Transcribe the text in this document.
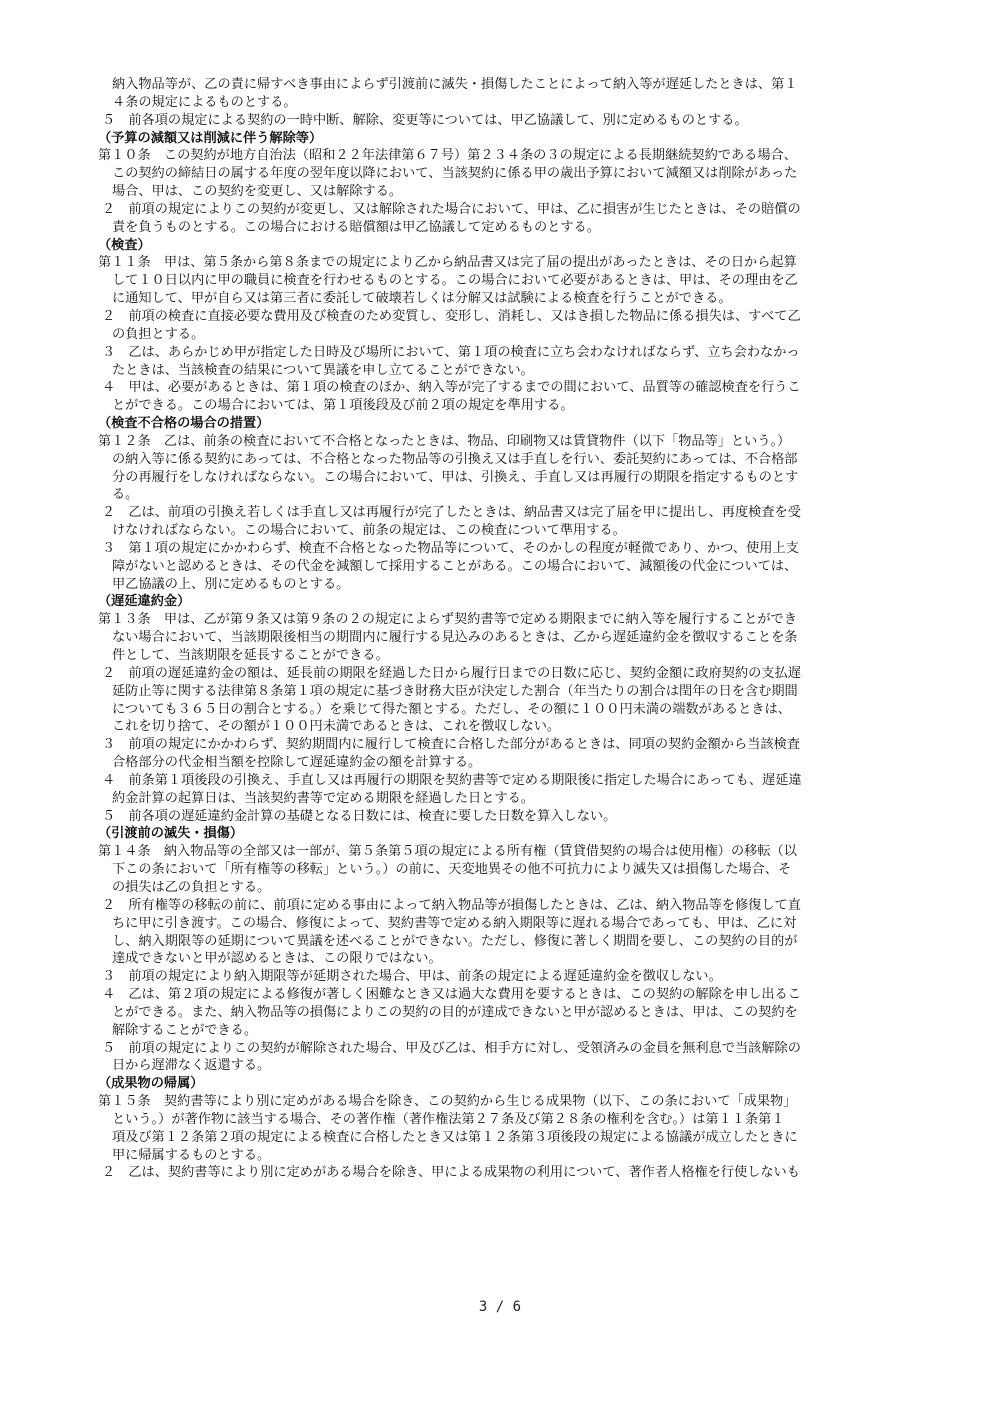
納入物品等が、乙の責に帰すべき事由によらず引渡前に滅失・損傷したことによって納入等が遅延したときは、第１
４条の規定によるものとする。
５　前各項の規定による契約の一時中断、解除、変更等については、甲乙協議して、別に定めるものとする。
（予算の減額又は削減に伴う解除等）
第１０条　この契約が地方自治法（昭和２２年法律第６７号）第２３４条の３の規定による長期継続契約である場合、
この契約の締結日の属する年度の翌年度以降において、当該契約に係る甲の歳出予算において減額又は削除があった
場合、甲は、この契約を変更し、又は解除する。
２　前項の規定によりこの契約が変更し、又は解除された場合において、甲は、乙に損害が生じたときは、その賠償の
責を負うものとする。この場合における賠償額は甲乙協議して定めるものとする。
（検査）
第１１条　甲は、第５条から第８条までの規定により乙から納品書又は完了届の提出があったときは、その日から起算
して１０日以内に甲の職員に検査を行わせるものとする。この場合において必要があるときは、甲は、その理由を乙
に通知して、甲が自ら又は第三者に委託して破壊若しくは分解又は試験による検査を行うことができる。
２　前項の検査に直接必要な費用及び検査のため変質し、変形し、消耗し、又はき損した物品に係る損失は、すべて乙
の負担とする。
３　乙は、あらかじめ甲が指定した日時及び場所において、第１項の検査に立ち会わなければならず、立ち会わなかっ
たときは、当該検査の結果について異議を申し立てることができない。
４　甲は、必要があるときは、第１項の検査のほか、納入等が完了するまでの間において、品質等の確認検査を行うこ
とができる。この場合においては、第１項後段及び前２項の規定を準用する。
（検査不合格の場合の措置）
第１２条　乙は、前条の検査において不合格となったときは、物品、印刷物又は賃貸物件（以下「物品等」という。）
の納入等に係る契約にあっては、不合格となった物品等の引換え又は手直しを行い、委託契約にあっては、不合格部
分の再履行をしなければならない。この場合において、甲は、引換え、手直し又は再履行の期限を指定するものとす
る。
２　乙は、前項の引換え若しくは手直し又は再履行が完了したときは、納品書又は完了届を甲に提出し、再度検査を受
けなければならない。この場合において、前条の規定は、この検査について準用する。
３　第１項の規定にかかわらず、検査不合格となった物品等について、そのかしの程度が軽微であり、かつ、使用上支
障がないと認めるときは、その代金を減額して採用することがある。この場合において、減額後の代金については、
甲乙協議の上、別に定めるものとする。
（遅延違約金）
第１３条　甲は、乙が第９条又は第９条の２の規定によらず契約書等で定める期限までに納入等を履行することができ
ない場合において、当該期限後相当の期間内に履行する見込みのあるときは、乙から遅延違約金を徴収することを条
件として、当該期限を延長することができる。
２　前項の遅延違約金の額は、延長前の期限を経過した日から履行日までの日数に応じ、契約金額に政府契約の支払遅
延防止等に関する法律第８条第１項の規定に基づき財務大臣が決定した割合（年当たりの割合は閏年の日を含む期間
についても３６５日の割合とする。）を乗じて得た額とする。ただし、その額に１００円未満の端数があるときは、
これを切り捨て、その額が１００円未満であるときは、これを徴収しない。
３　前項の規定にかかわらず、契約期間内に履行して検査に合格した部分があるときは、同項の契約金額から当該検査
合格部分の代金相当額を控除して遅延違約金の額を計算する。
４　前条第１項後段の引換え、手直し又は再履行の期限を契約書等で定める期限後に指定した場合にあっても、遅延違
約金計算の起算日は、当該契約書等で定める期限を経過した日とする。
５　前各項の遅延違約金計算の基礎となる日数には、検査に要した日数を算入しない。
（引渡前の滅失・損傷）
第１４条　納入物品等の全部又は一部が、第５条第５項の規定による所有権（賃貸借契約の場合は使用権）の移転（以
下この条において「所有権等の移転」という。）の前に、天変地異その他不可抗力により滅失又は損傷した場合、そ
の損失は乙の負担とする。
２　所有権等の移転の前に、前項に定める事由によって納入物品等が損傷したときは、乙は、納入物品等を修復して直
ちに甲に引き渡す。この場合、修復によって、契約書等で定める納入期限等に遅れる場合であっても、甲は、乙に対
し、納入期限等の延期について異議を述べることができない。ただし、修復に著しく期間を要し、この契約の目的が
達成できないと甲が認めるときは、この限りではない。
３　前項の規定により納入期限等が延期された場合、甲は、前条の規定による遅延違約金を徴収しない。
４　乙は、第２項の規定による修復が著しく困難なとき又は過大な費用を要するときは、この契約の解除を申し出るこ
とができる。また、納入物品等の損傷によりこの契約の目的が達成できないと甲が認めるときは、甲は、この契約を
解除することができる。
５　前項の規定によりこの契約が解除された場合、甲及び乙は、相手方に対し、受領済みの金員を無利息で当該解除の
日から遅滞なく返還する。
（成果物の帰属）
第１５条　契約書等により別に定めがある場合を除き、この契約から生じる成果物（以下、この条において「成果物」
という。）が著作物に該当する場合、その著作権（著作権法第２７条及び第２８条の権利を含む。）は第１１条第１
項及び第１２条第２項の規定による検査に合格したとき又は第１２条第３項後段の規定による協議が成立したときに
甲に帰属するものとする。
２　乙は、契約書等により別に定めがある場合を除き、甲による成果物の利用について、著作者人格権を行使しないも
3 / 6
